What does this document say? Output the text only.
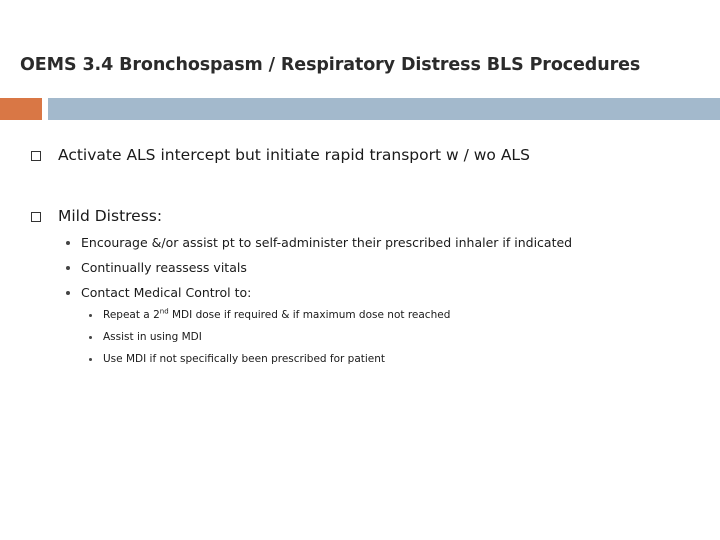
OEMS 3.4 Bronchospasm / Respiratory Distress BLS Procedures
Activate ALS intercept but initiate rapid transport w / wo ALS
Mild Distress:
Encourage &/or assist pt to self-administer their prescribed inhaler if indicated
Continually reassess vitals
Contact Medical Control to:
Repeat a 2nd MDI dose if required & if maximum dose not reached
Assist in using MDI
Use MDI if not specifically been prescribed for patient
